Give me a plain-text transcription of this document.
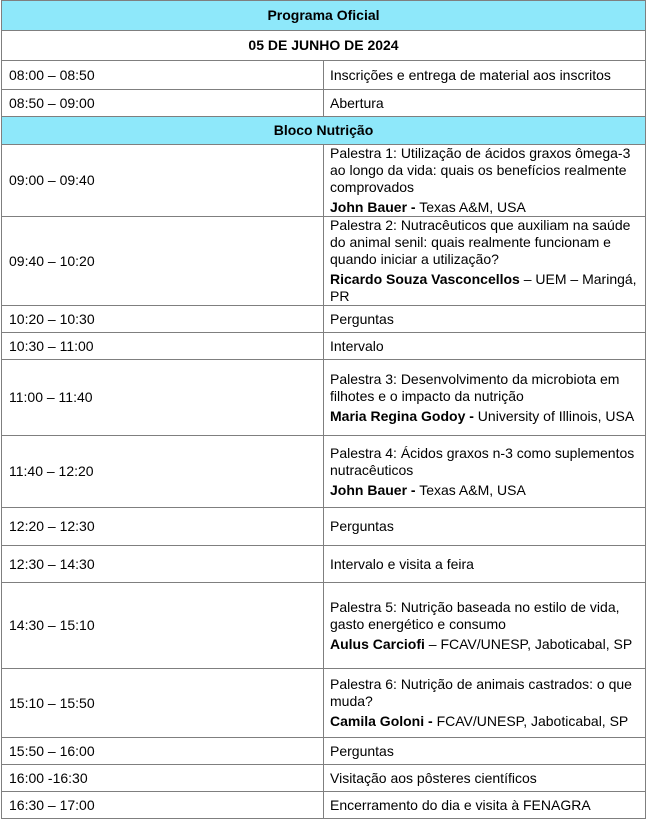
Programa Oficial	
05 DE JUNHO DE 2024	
08:00 – 08:50	Inscrições e entrega de material aos inscritos
08:50 – 09:00	Abertura
Bloco Nutrição	
09:00 – 09:40	Palestra 1: Utilização de ácidos graxos ômega-3 ao longo da vida: quais os benefícios realmente comprovados
John Bauer - Texas A&M, USA

09:40 – 10:20	Palestra 2: Nutracêuticos que auxiliam na saúde do animal senil: quais realmente funcionam e quando iniciar a utilização?
Ricardo Souza Vasconcellos – UEM – Maringá, PR

10:20 – 10:30	Perguntas
10:30 – 11:00	Intervalo
11:00 – 11:40	Palestra 3: Desenvolvimento da microbiota em filhotes e o impacto da nutrição
Maria Regina Godoy - University of Illinois, USA

11:40 – 12:20	Palestra 4: Ácidos graxos n-3 como suplementos nutracêuticos
John Bauer - Texas A&M, USA

12:20 – 12:30	Perguntas
12:30 – 14:30	Intervalo e visita a feira
14:30 – 15:10	Palestra 5: Nutrição baseada no estilo de vida, gasto energético e consumo
Aulus Carciofi – FCAV/UNESP, Jaboticabal, SP

15:10 – 15:50	Palestra 6: Nutrição de animais castrados: o que muda?
Camila Goloni - FCAV/UNESP, Jaboticabal, SP

15:50 – 16:00	Perguntas
16:00 -16:30	Visitação aos pôsteres científicos
16:30 – 17:00	Encerramento do dia e visita à FENAGRA
